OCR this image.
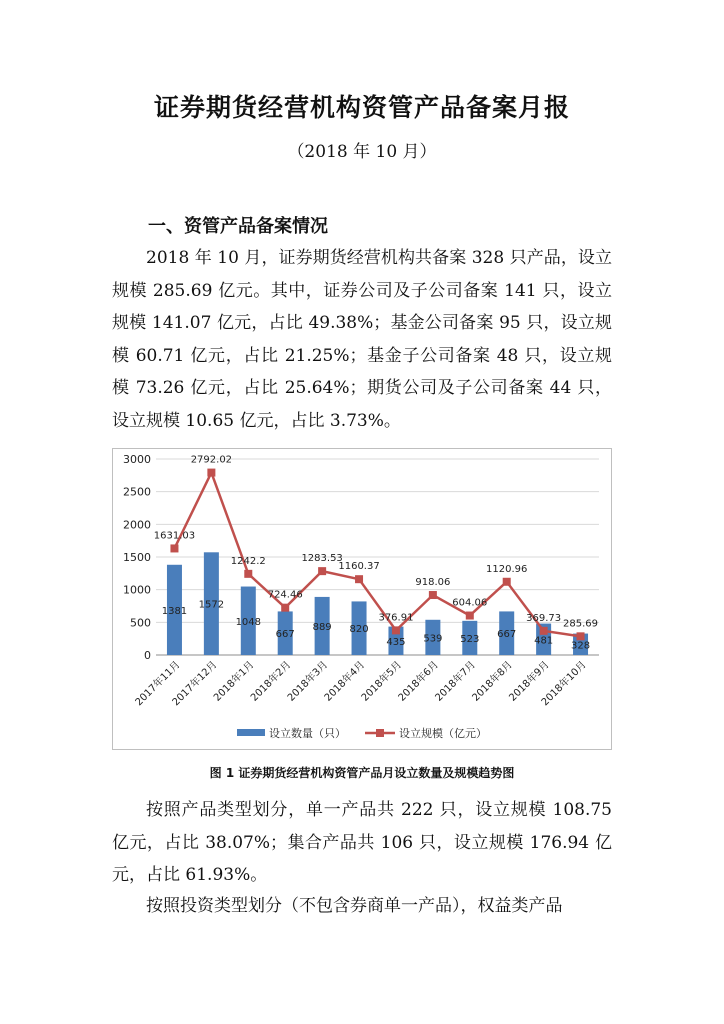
证券期货经营机构资管产品备案月报
（2018 年 10 月）
一、资管产品备案情况

2018 年 10 月，证券期货经营机构共备案 328 只产品，设立规模 285.69 亿元。其中，证券公司及子公司备案 141 只，设立规模 141.07 亿元，占比 49.38%；基金公司备案 95 只，设立规模 60.71 亿元，占比 21.25%；基金子公司备案 48 只，设立规模 73.26 亿元，占比 25.64%；期货公司及子公司备案 44 只，设立规模 10.65 亿元，占比 3.73%。

0
500
1000
1500
2000
2500
3000
1381
1572
1048
667
889 820
435 539 523 667
481 328
1631.03
2792.02
1242.2
724.46
1283.53
1160.37
376.91
918.06
604.06
1120.96
369.73 285.69
2017年11月
2017年12月
2018年1月
2018年2月
2018年3月
2018年4月
2018年5月
2018年6月
2018年7月
2018年8月
2018年9月
2018年10月
设立数量（只）	设立规模（亿元）
图 1 证券期货经营机构资管产品月设立数量及规模趋势图

按照产品类型划分，单一产品共 222 只，设立规模 108.75 亿元，占比 38.07%；集合产品共 106 只，设立规模 176.94 亿元，占比 61.93%。

按照投资类型划分（不包含券商单一产品），权益类产品
